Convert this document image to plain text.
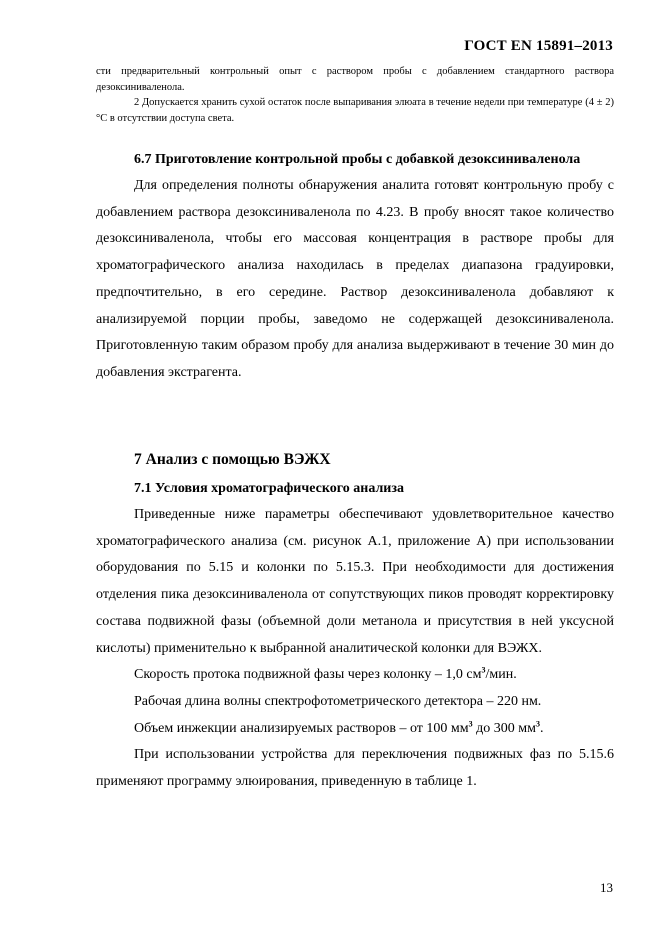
ГОСТ EN 15891–2013

сти предварительный контрольный опыт с раствором пробы с добавлением стандартного раствора дезоксиниваленола.

2 Допускается хранить сухой остаток после выпаривания элюата в течение недели при температуре (4 ± 2) °С в отсутствии доступа света.

6.7 Приготовление контрольной пробы с добавкой дезоксиниваленола

Для определения полноты обнаружения аналита готовят контрольную пробу с добавлением раствора дезоксиниваленола по 4.23. В пробу вносят такое количество дезоксиниваленола, чтобы его массовая концентрация в растворе пробы для хроматографического анализа находилась в пределах диапазона градуировки, предпочтительно, в его середине. Раствор дезоксиниваленола добавляют к анализируемой порции пробы, заведомо не содержащей дезоксиниваленола. Приготовленную таким образом пробу для анализа выдерживают в течение 30 мин до добавления экстрагента.

7 Анализ с помощью ВЭЖХ
7.1 Условия хроматографического анализа

Приведенные ниже параметры обеспечивают удовлетворительное качество хроматографического анализа (см. рисунок А.1, приложение А) при использовании оборудования по 5.15 и колонки по 5.15.3. При необходимости для достижения отделения пика дезоксиниваленола от сопутствующих пиков проводят корректировку состава подвижной фазы (объемной доли метанола и присутствия в ней уксусной кислоты) применительно к выбранной аналитической колонки для ВЭЖХ.

Скорость протока подвижной фазы через колонку – 1,0 $см^3$/мин.

Рабочая длина волны спектрофотометрического детектора – 220 нм.

Объем инжекции анализируемых растворов – от 100 $мм^3$ до 300 $мм^3$.

При использовании устройства для переключения подвижных фаз по 5.15.6 применяют программу элюирования, приведенную в таблице 1.

13
